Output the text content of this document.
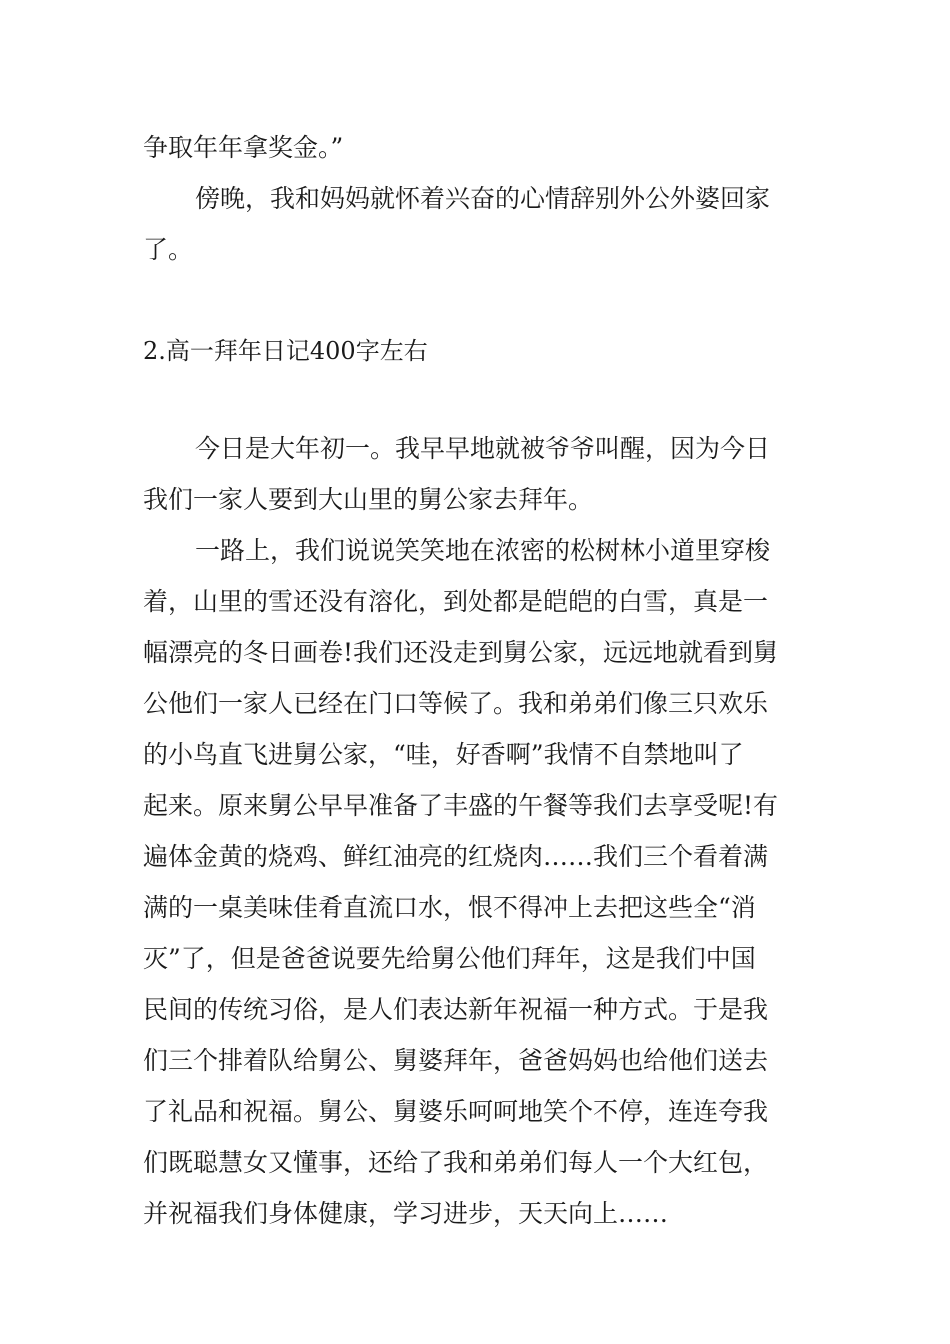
争取年年拿奖金。”
傍晚，我和妈妈就怀着兴奋的心情辞别外公外婆回家
了。
2.高一拜年日记400字左右
今日是大年初一。我早早地就被爷爷叫醒，因为今日
我们一家人要到大山里的舅公家去拜年。
一路上，我们说说笑笑地在浓密的松树林小道里穿梭
着，山里的雪还没有溶化，到处都是皑皑的白雪，真是一
幅漂亮的冬日画卷!我们还没走到舅公家，远远地就看到舅
公他们一家人已经在门口等候了。我和弟弟们像三只欢乐
的小鸟直飞进舅公家，“哇，好香啊”我情不自禁地叫了
起来。原来舅公早早准备了丰盛的午餐等我们去享受呢!有
遍体金黄的烧鸡、鲜红油亮的红烧肉……我们三个看着满
满的一桌美味佳肴直流口水，恨不得冲上去把这些全“消
灭”了，但是爸爸说要先给舅公他们拜年，这是我们中国
民间的传统习俗，是人们表达新年祝福一种方式。于是我
们三个排着队给舅公、舅婆拜年，爸爸妈妈也给他们送去
了礼品和祝福。舅公、舅婆乐呵呵地笑个不停，连连夸我
们既聪慧女又懂事，还给了我和弟弟们每人一个大红包，
并祝福我们身体健康，学习进步，天天向上……
